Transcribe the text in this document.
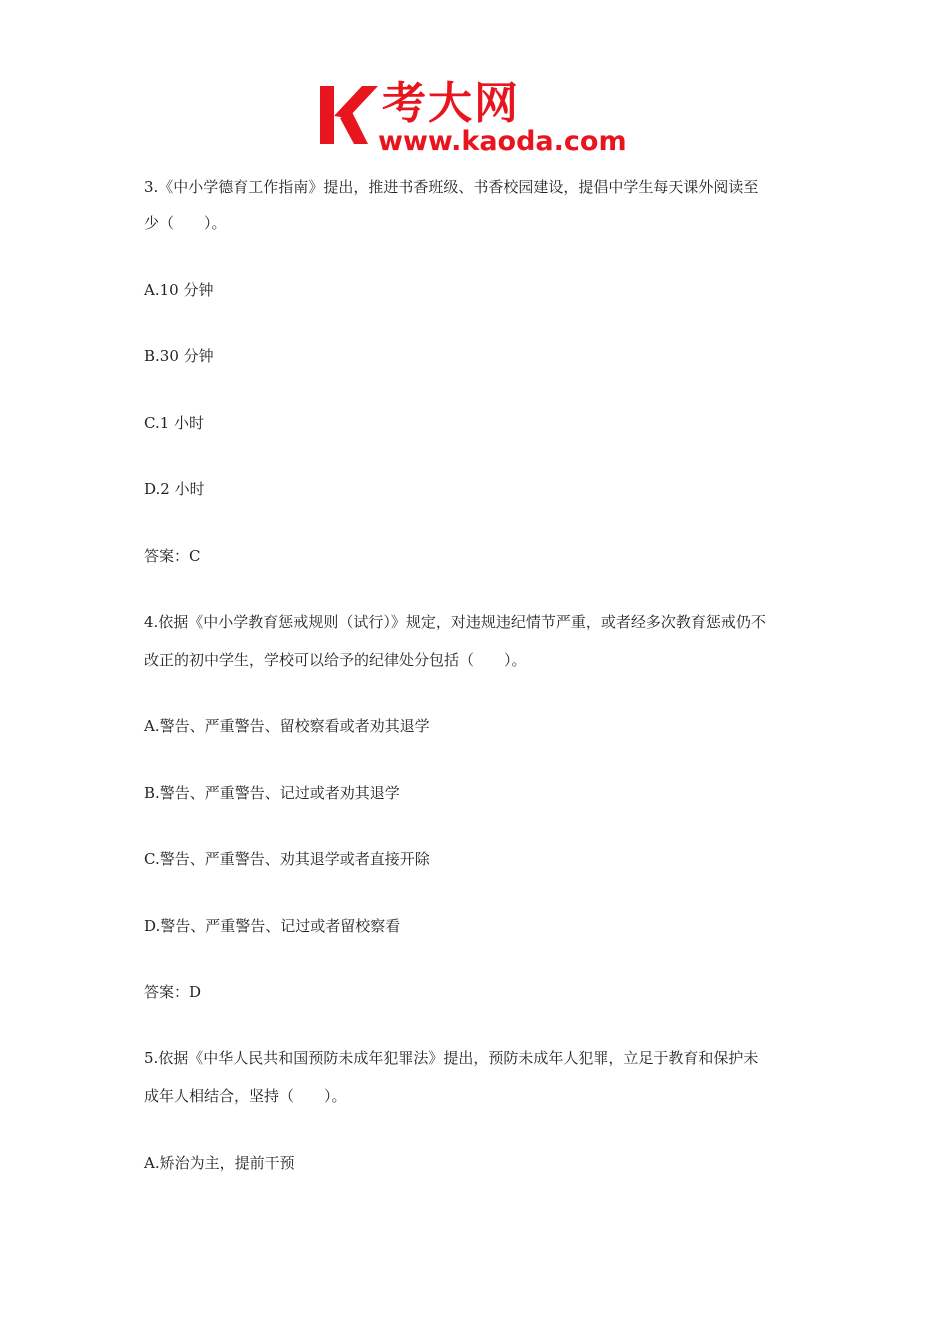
考大网
www.kaoda.com
3.《中小学德育工作指南》提出，推进书香班级、书香校园建设，提倡中学生每天课外阅读至
少（　　）。
A.10 分钟
B.30 分钟
C.1 小时
D.2 小时
答案：C
4.依据《中小学教育惩戒规则（试行）》规定，对违规违纪情节严重，或者经多次教育惩戒仍不
改正的初中学生，学校可以给予的纪律处分包括（　　）。
A.警告、严重警告、留校察看或者劝其退学
B.警告、严重警告、记过或者劝其退学
C.警告、严重警告、劝其退学或者直接开除
D.警告、严重警告、记过或者留校察看
答案：D
5.依据《中华人民共和国预防未成年犯罪法》提出，预防未成年人犯罪，立足于教育和保护未
成年人相结合，坚持（　　）。
A.矫治为主，提前干预
